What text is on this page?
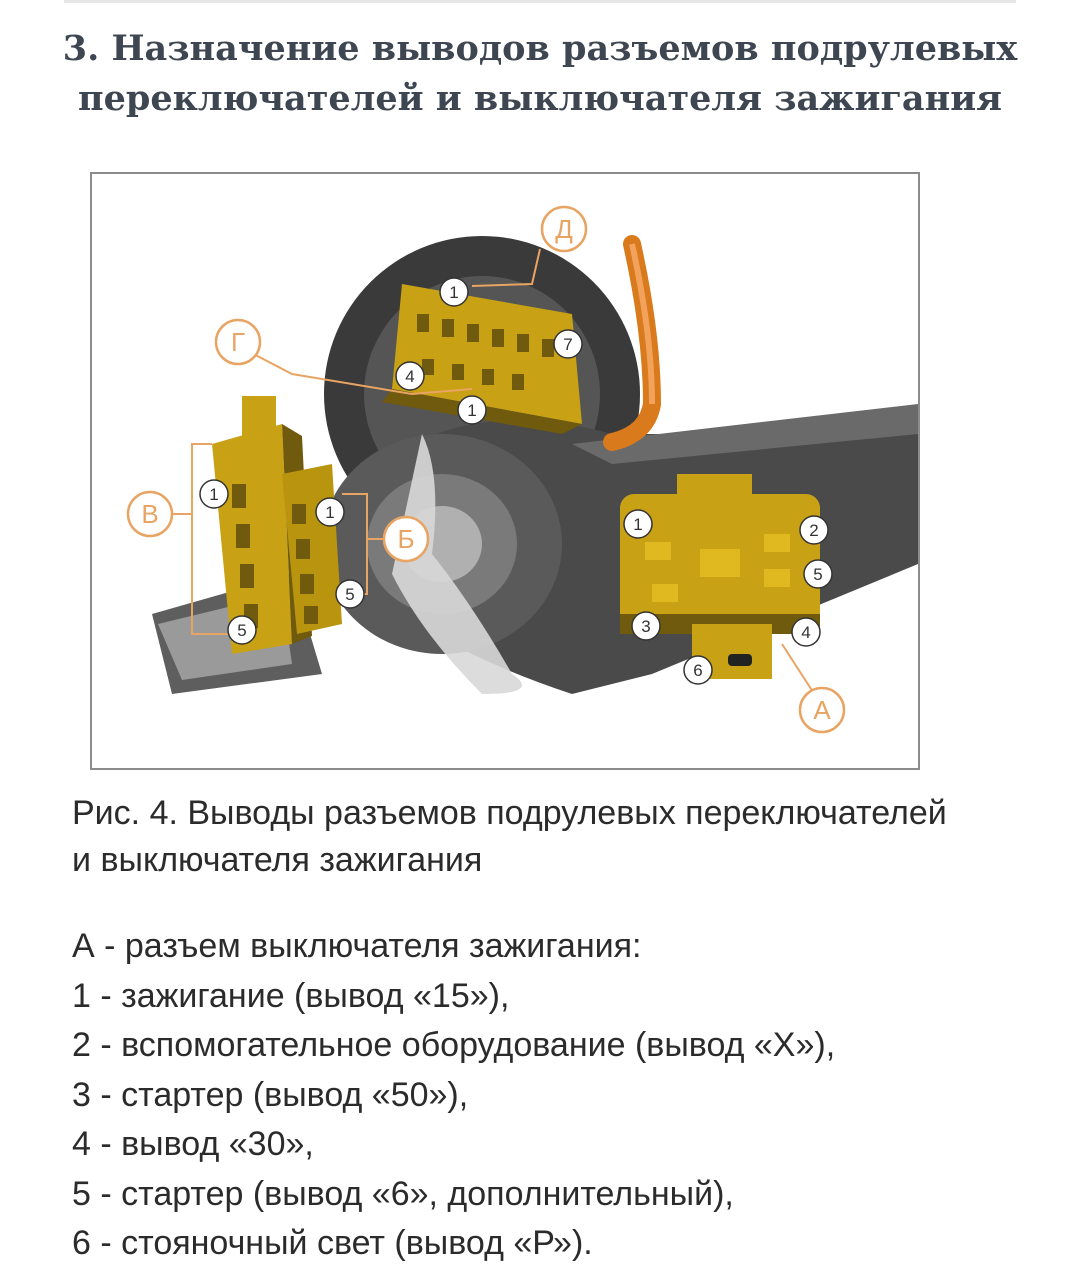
3. Назначение выводов разъемов подрулевых
переключателей и выключателя зажигания
Д
Г
В
Б
А
1
7
4
1
1
5
1
5
1	2
3	4
5
6

Рис. 4. Выводы разъемов подрулевых переключателей
и выключателя зажигания

А - разъем выключателя зажигания:
1 - зажигание (вывод «15»),
2 - вспомогательное оборудование (вывод «Х»),
3 - стартер (вывод «50»),
4 - вывод «30»,
5 - стартер (вывод «6», дополнительный),
6 - стояночный свет (вывод «Р»).
